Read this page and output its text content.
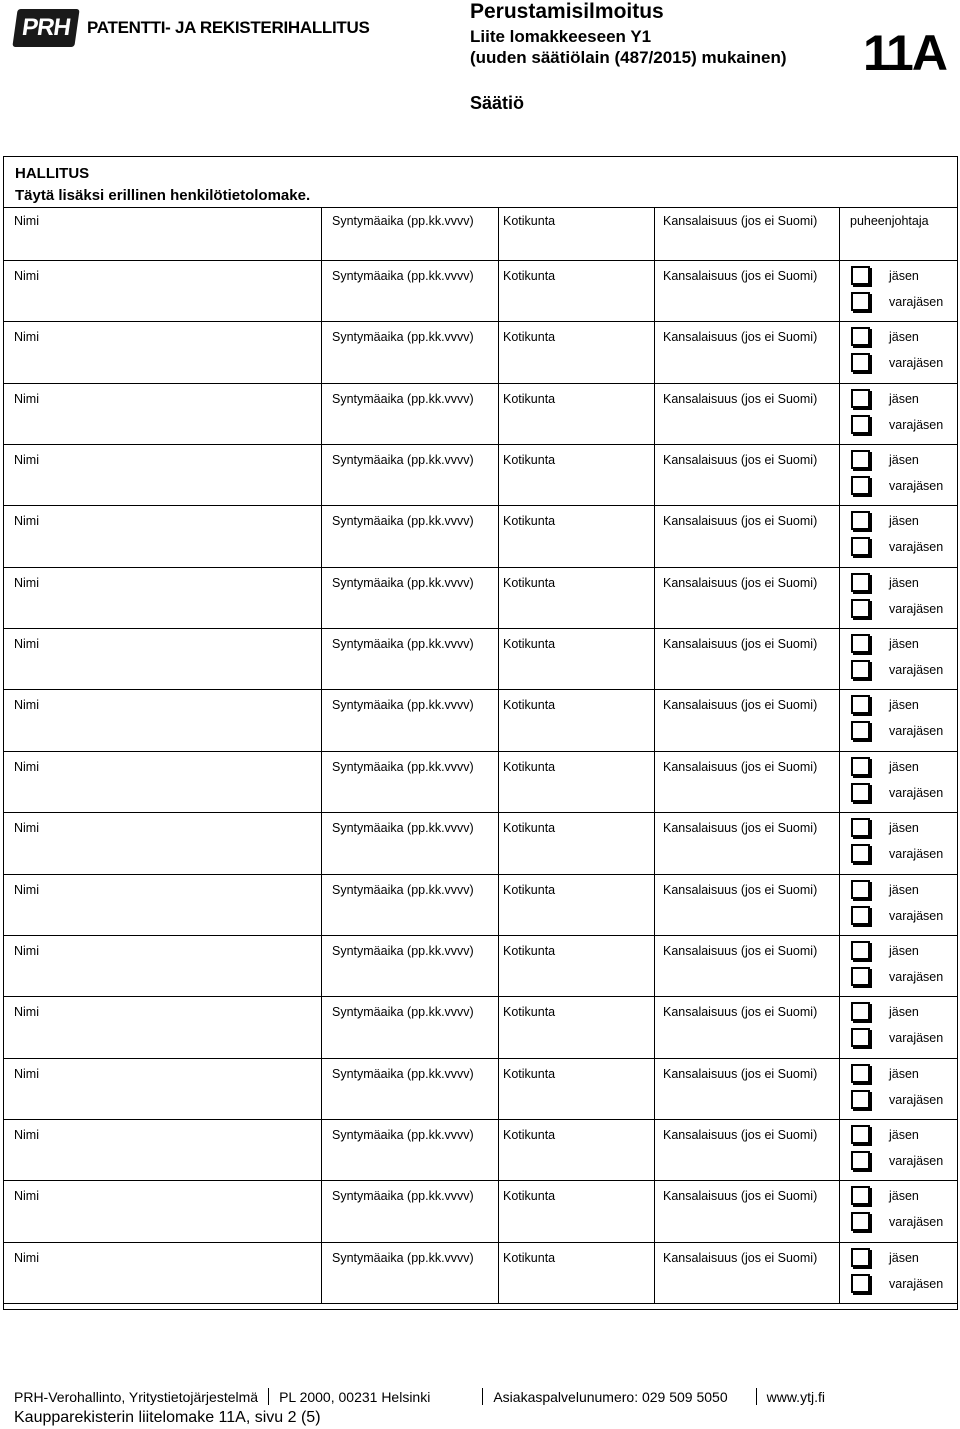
PRH PATENTTI- JA REKISTERIHALLITUS
Perustamisilmoitus
Liite lomakkeeseen Y1
(uuden säätiölain (487/2015) mukainen) 11A
Säätiö
HALLITUS
Täytä lisäksi erillinen henkilötietolomake.
Nimi	Syntymäaika (pp.kk.vvvv) Kotikunta	Kansalaisuus (jos ei Suomi)	puheenjohtaja
Nimi	Syntymäaika (pp.kk.vvvv) Kotikunta	Kansalaisuus (jos ei Suomi)	jäsen
varajäsen
Nimi	Syntymäaika (pp.kk.vvvv) Kotikunta	Kansalaisuus (jos ei Suomi)	jäsen
varajäsen
Nimi	Syntymäaika (pp.kk.vvvv) Kotikunta	Kansalaisuus (jos ei Suomi)	jäsen
varajäsen
Nimi	Syntymäaika (pp.kk.vvvv) Kotikunta	Kansalaisuus (jos ei Suomi)	jäsen
varajäsen
Nimi	Syntymäaika (pp.kk.vvvv) Kotikunta	Kansalaisuus (jos ei Suomi)	jäsen
varajäsen
Nimi	Syntymäaika (pp.kk.vvvv) Kotikunta	Kansalaisuus (jos ei Suomi)	jäsen
varajäsen
Nimi	Syntymäaika (pp.kk.vvvv) Kotikunta	Kansalaisuus (jos ei Suomi)	jäsen
varajäsen
Nimi	Syntymäaika (pp.kk.vvvv) Kotikunta	Kansalaisuus (jos ei Suomi)	jäsen
varajäsen
Nimi	Syntymäaika (pp.kk.vvvv) Kotikunta	Kansalaisuus (jos ei Suomi)	jäsen
varajäsen
Nimi	Syntymäaika (pp.kk.vvvv) Kotikunta	Kansalaisuus (jos ei Suomi)	jäsen
varajäsen
Nimi	Syntymäaika (pp.kk.vvvv) Kotikunta	Kansalaisuus (jos ei Suomi)	jäsen
varajäsen
Nimi	Syntymäaika (pp.kk.vvvv) Kotikunta	Kansalaisuus (jos ei Suomi)	jäsen
varajäsen
Nimi	Syntymäaika (pp.kk.vvvv) Kotikunta	Kansalaisuus (jos ei Suomi)	jäsen
varajäsen
Nimi	Syntymäaika (pp.kk.vvvv) Kotikunta	Kansalaisuus (jos ei Suomi)	jäsen
varajäsen
Nimi	Syntymäaika (pp.kk.vvvv) Kotikunta	Kansalaisuus (jos ei Suomi)	jäsen
varajäsen
Nimi	Syntymäaika (pp.kk.vvvv) Kotikunta	Kansalaisuus (jos ei Suomi)	jäsen
varajäsen
Nimi	Syntymäaika (pp.kk.vvvv) Kotikunta	Kansalaisuus (jos ei Suomi)	jäsen
varajäsen
PRH-Verohallinto, Yritystietojärjestelmä PL 2000, 00231 Helsinki	Asiakaspalvelunumero: 029 509 5050	www.ytj.fi
Kaupparekisterin liitelomake 11A, sivu 2 (5)
